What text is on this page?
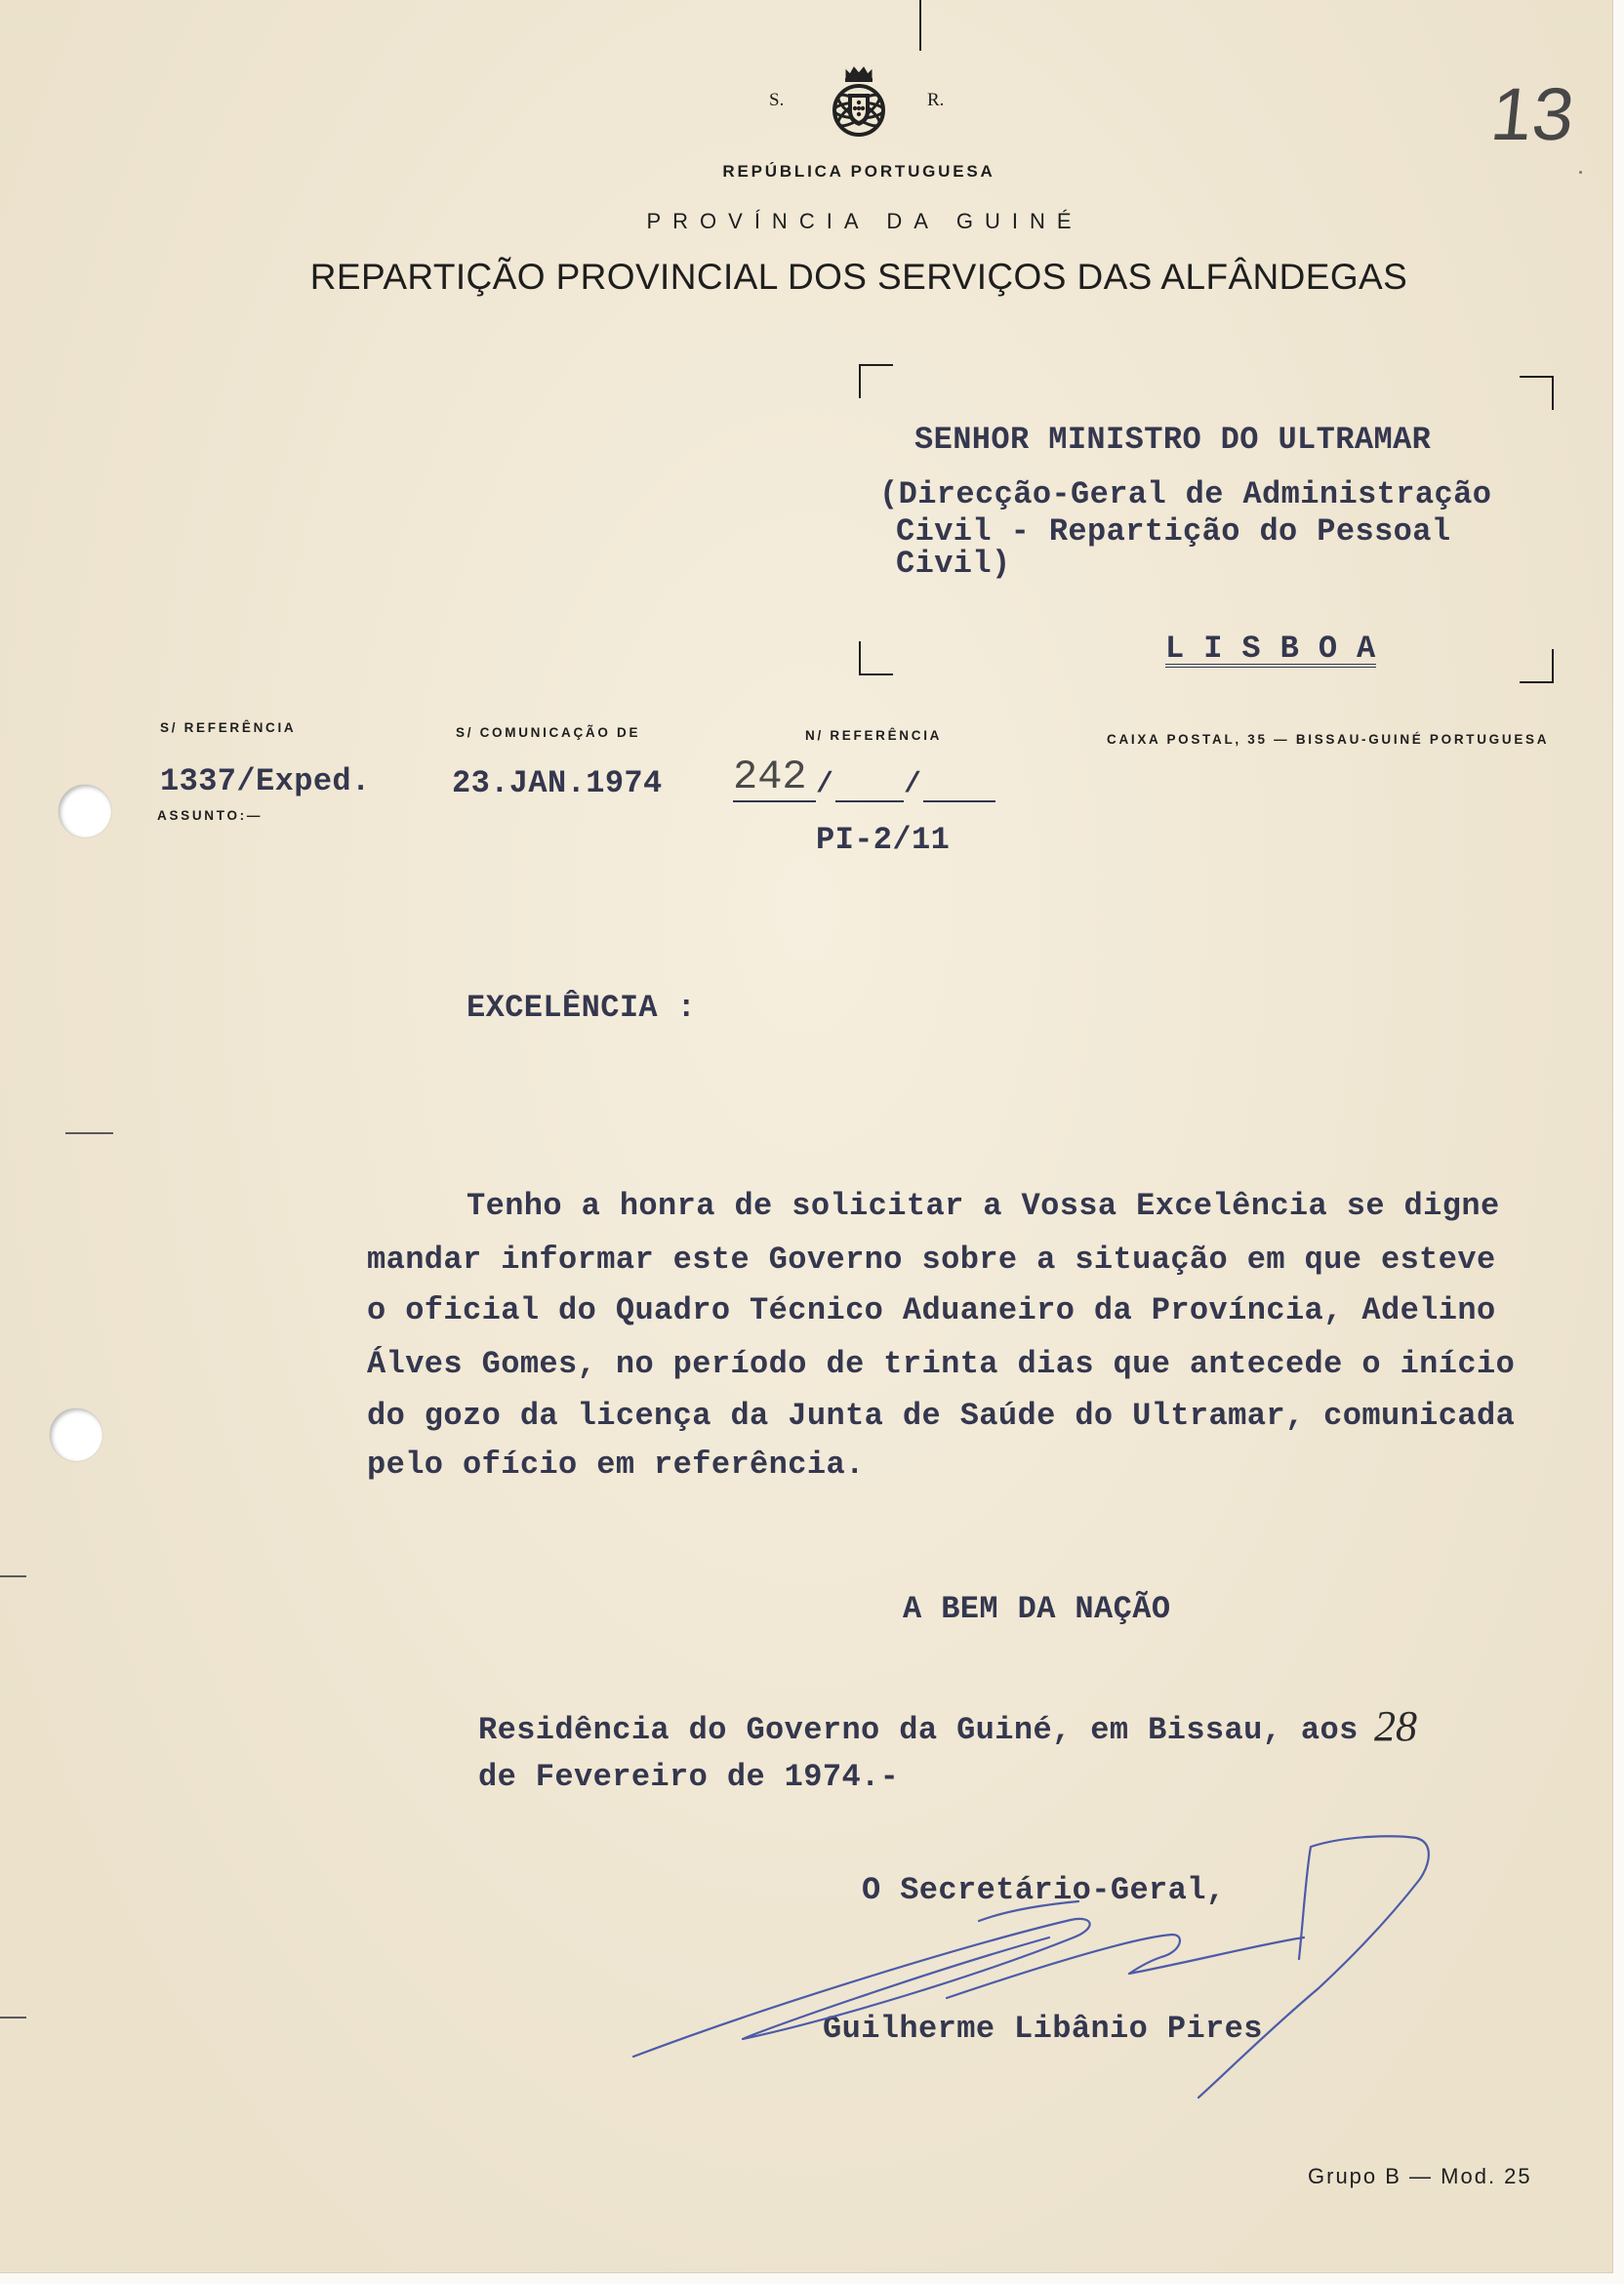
13
S.	R.
REPÚBLICA PORTUGUESA
PROVÍNCIA DA GUINÉ
REPARTIÇÃO PROVINCIAL DOS SERVIÇOS DAS ALFÂNDEGAS
SENHOR MINISTRO DO ULTRAMAR
(Direcção-Geral de Administração
Civil - Repartição do Pessoal
Civil)
L I S B O A
S/ REFERÊNCIA	S/ COMUNICAÇÃO DE	N/ REFERÊNCIA	CAIXA POSTAL, 35 — BISSAU-GUINÉ PORTUGUESA
ASSUNTO:—
1337/Exped.	23.JAN.1974 242 / /
PI-2/11
EXCELÊNCIA :
Tenho a honra de solicitar a Vossa Excelência se digne
mandar informar este Governo sobre a situação em que esteve
o oficial do Quadro Técnico Aduaneiro da Província, Adelino
Álves Gomes, no período de trinta dias que antecede o início
do gozo da licença da Junta de Saúde do Ultramar, comunicada
pelo ofício em referência.
A BEM DA NAÇÃO
Residência do Governo da Guiné, em Bissau, aos 28
de Fevereiro de 1974.-
O Secretário-Geral,
Guilherme Libânio Pires
Grupo B — Mod. 25
